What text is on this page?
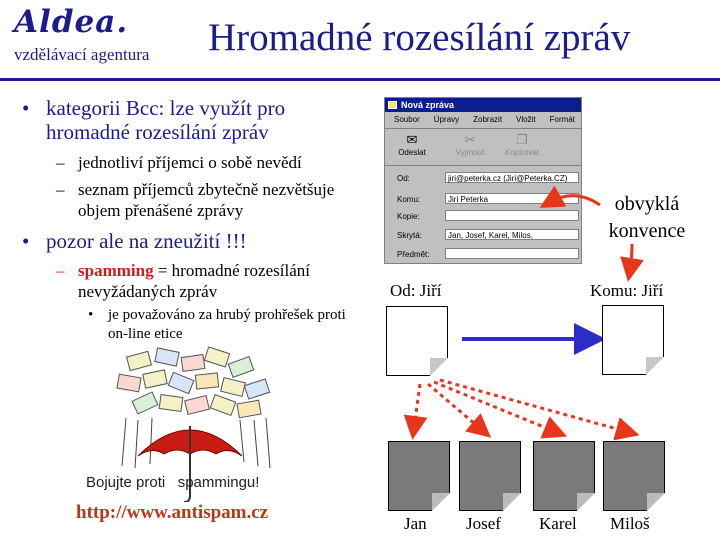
Aldea.
vzdělávací agentura Hromadné rozesílání zpráv
• kategorii Bcc: lze využít pro hromadné rozesílání zpráv
– jednotliví příjemci o sobě nevědí
– seznam příjemců zbytečně nezvětšuje objem přenášené zprávy
• pozor ale na zneužití !!!
– spamming = hromadné rozesílání nevyžádaných zpráv
• je považováno za hrubý prohřešek proti on-line etice
Bojujte proti   spammingu!
http://www.antispam.cz
Nová zpráva
Soubor Úpravy Zobrazit Vložit Formát
✉
Odeslat
✂
Vyjmout
❐
Kopírovat
Od:	jiri@peterka.cz (Jiri@Peterka.CZ)
Komu:	Jiri Peterka
Kopie:
Skrytá:	Jan, Josef, Karel, Milos,
Předmět:
obvyklá konvence
Od: Jiří	Komu: Jiří
Jan Josef Karel Miloš
